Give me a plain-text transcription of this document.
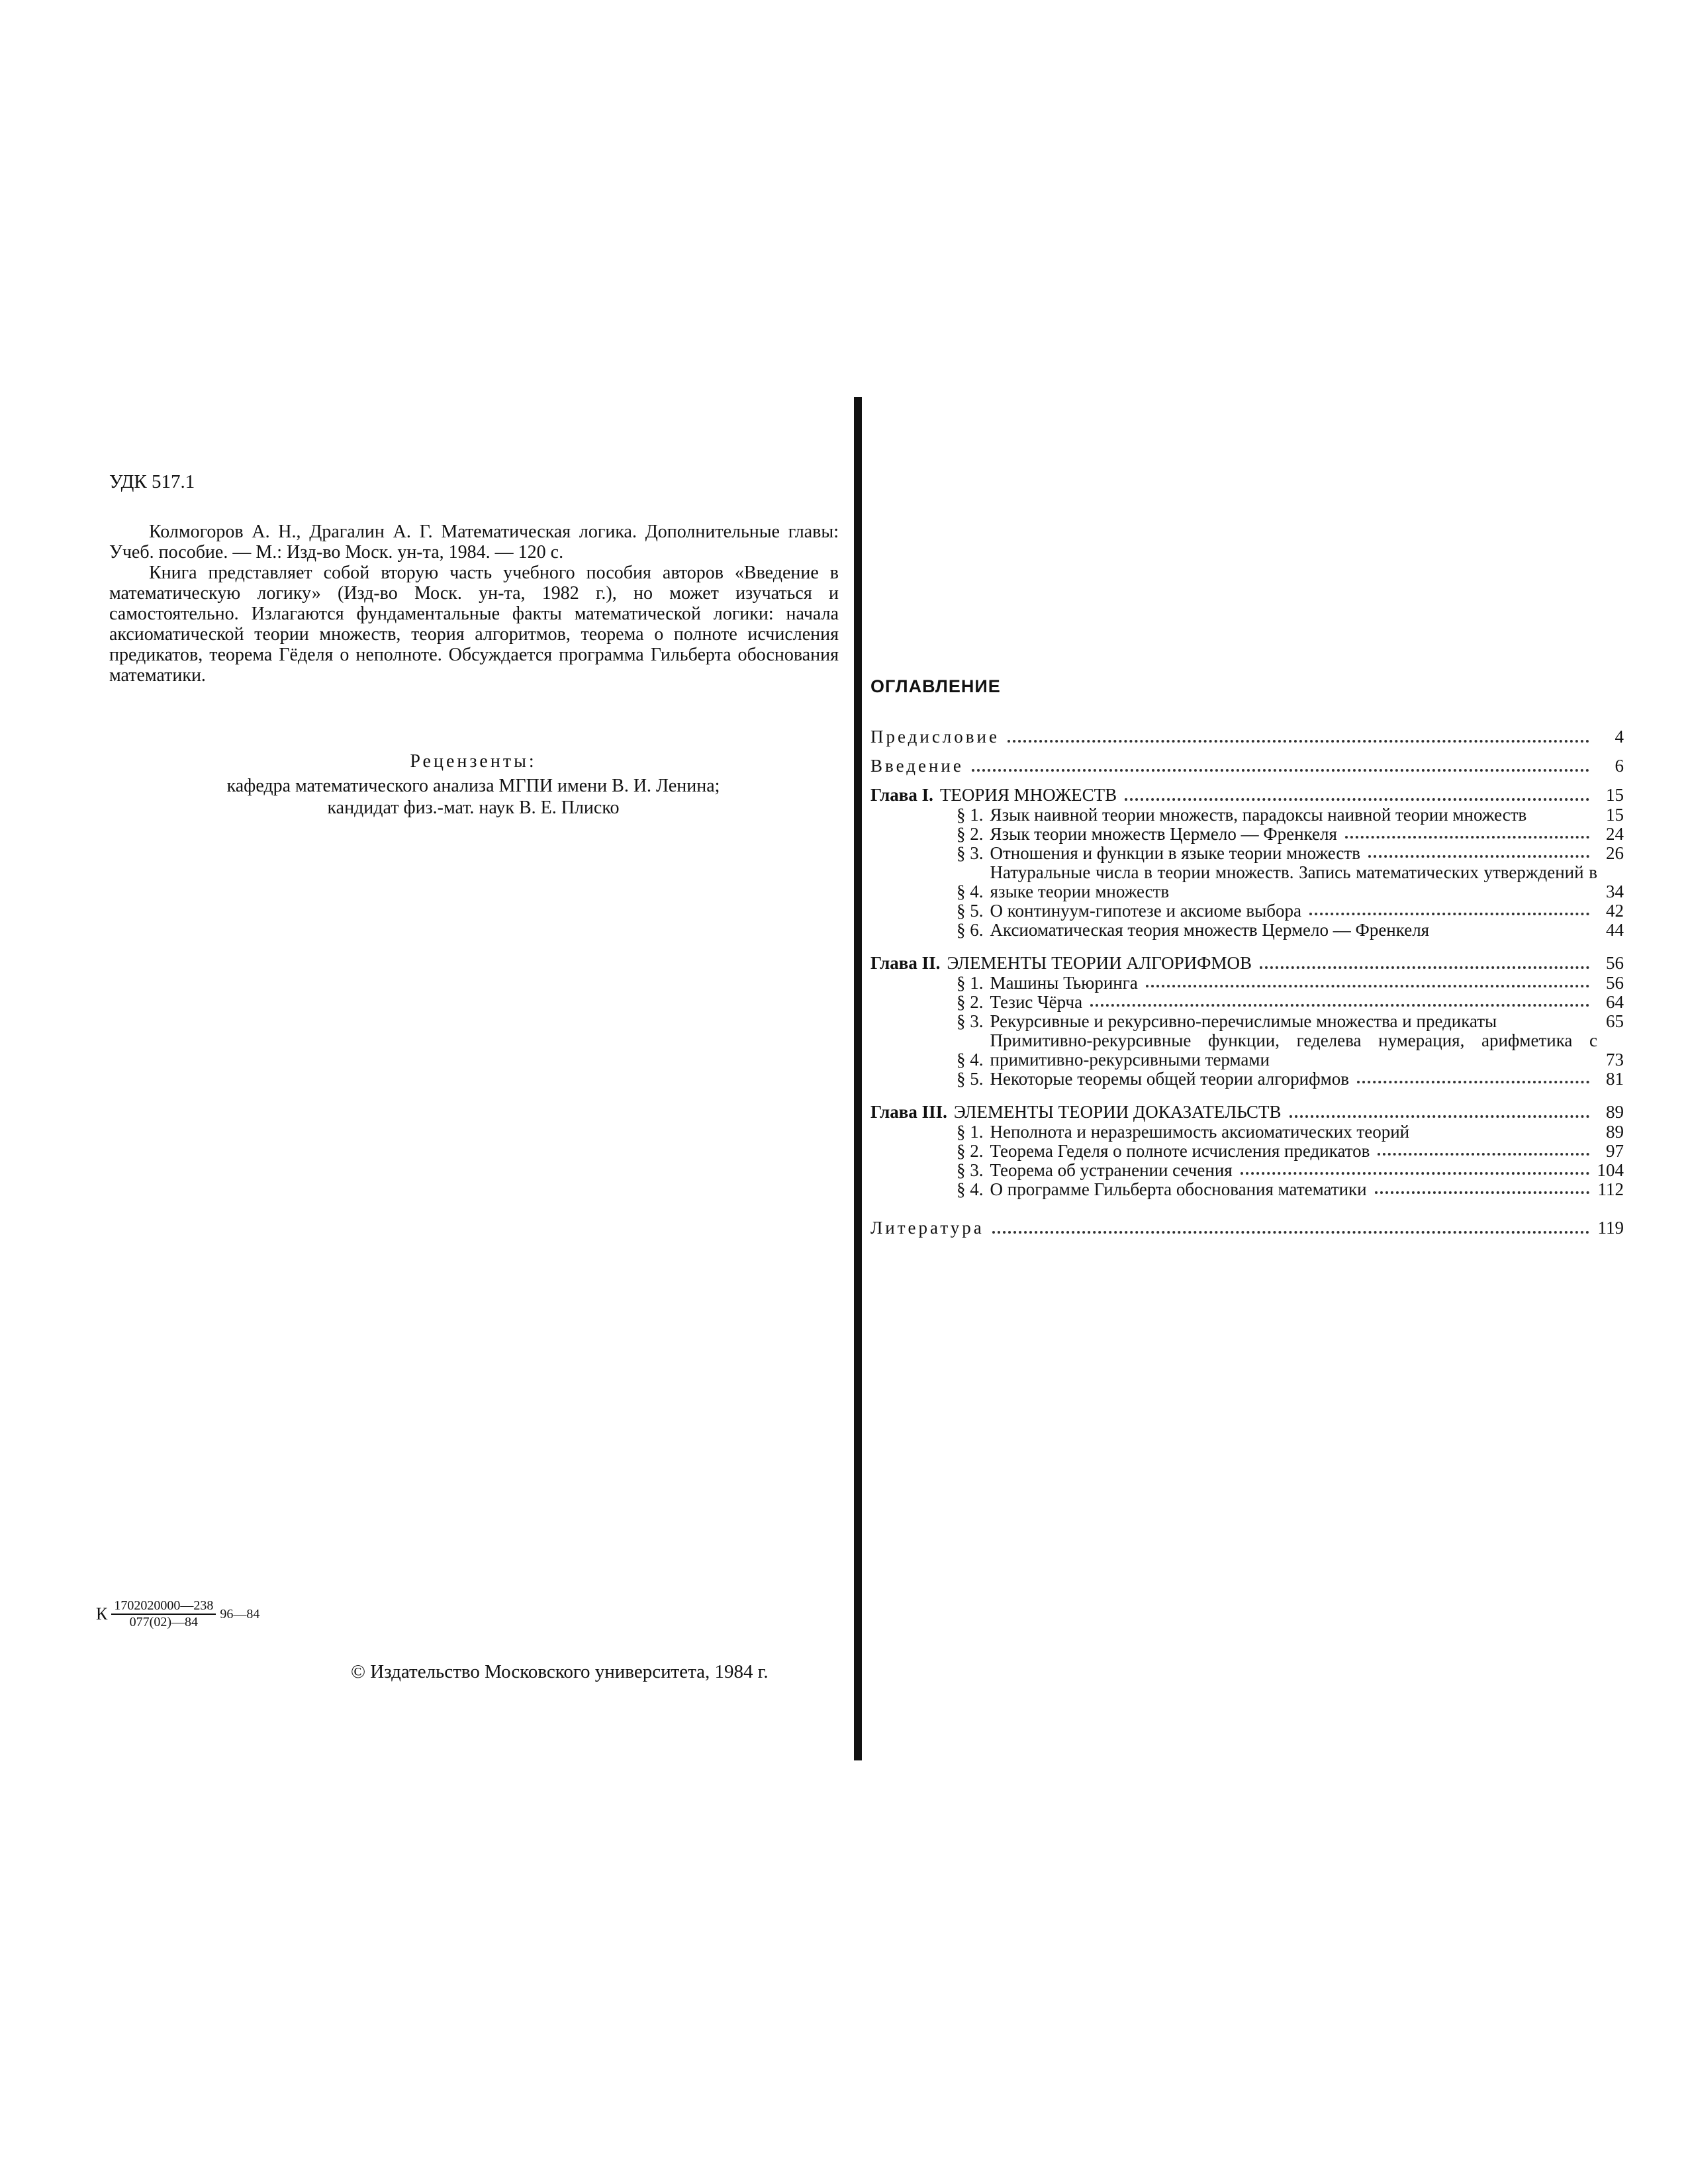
УДК 517.1

Колмогоров А. Н., Драгалин А. Г. Математическая логика. Дополнительные главы: Учеб. пособие. — М.: Изд-во Моск. ун-та, 1984. — 120 с.

Книга представляет собой вторую часть учебного пособия авторов «Введение в математическую логику» (Изд-во Моск. ун-та, 1982 г.), но может изучаться и самостоятельно. Излагаются фундаментальные факты математической логики: начала аксиоматической теории множеств, теория алгоритмов, теорема о полноте исчисления предикатов, теорема Гёделя о неполноте. Обсуждается программа Гильберта обоснования математики.

Рецензенты:
кафедра математического анализа МГПИ имени В. И. Ленина;
кандидат физ.-мат. наук В. Е. Плиско
К $\frac{1702020000—238}{077(02)—84}$ 96—84
© Издательство Московского университета, 1984 г.
ОГЛАВЛЕНИЕ
Предисловие	4
Введение	6
Глава I. ТЕОРИЯ МНОЖЕСТВ	15
§ 1. Язык наивной теории множеств, парадоксы наивной теории множеств	15
§ 2. Язык теории множеств Цермело — Френкеля	24
§ 3. Отношения и функции в языке теории множеств	26
§ 4.
Натуральные числа в теории множеств. Запись математических утверждений в языке теории множеств	34
§ 5. О континуум-гипотезе и аксиоме выбора	42
§ 6. Аксиоматическая теория множеств Цермело — Френкеля	44
Глава II. ЭЛЕМЕНТЫ ТЕОРИИ АЛГОРИФМОВ	56
§ 1. Машины Тьюринга	56
§ 2. Тезис Чёрча	64
§ 3. Рекурсивные и рекурсивно-перечислимые множества и предикаты	65
§ 4.
Примитивно-рекурсивные функции, геделева нумерация, арифметика с примитивно-рекурсивными термами	73
§ 5. Некоторые теоремы общей теории алгорифмов	81
Глава III. ЭЛЕМЕНТЫ ТЕОРИИ ДОКАЗАТЕЛЬСТВ	89
§ 1. Неполнота и неразрешимость аксиоматических теорий	89
§ 2. Теорема Геделя о полноте исчисления предикатов	97
§ 3. Теорема об устранении сечения	104
§ 4. О программе Гильберта обоснования математики	112
Литература	119
